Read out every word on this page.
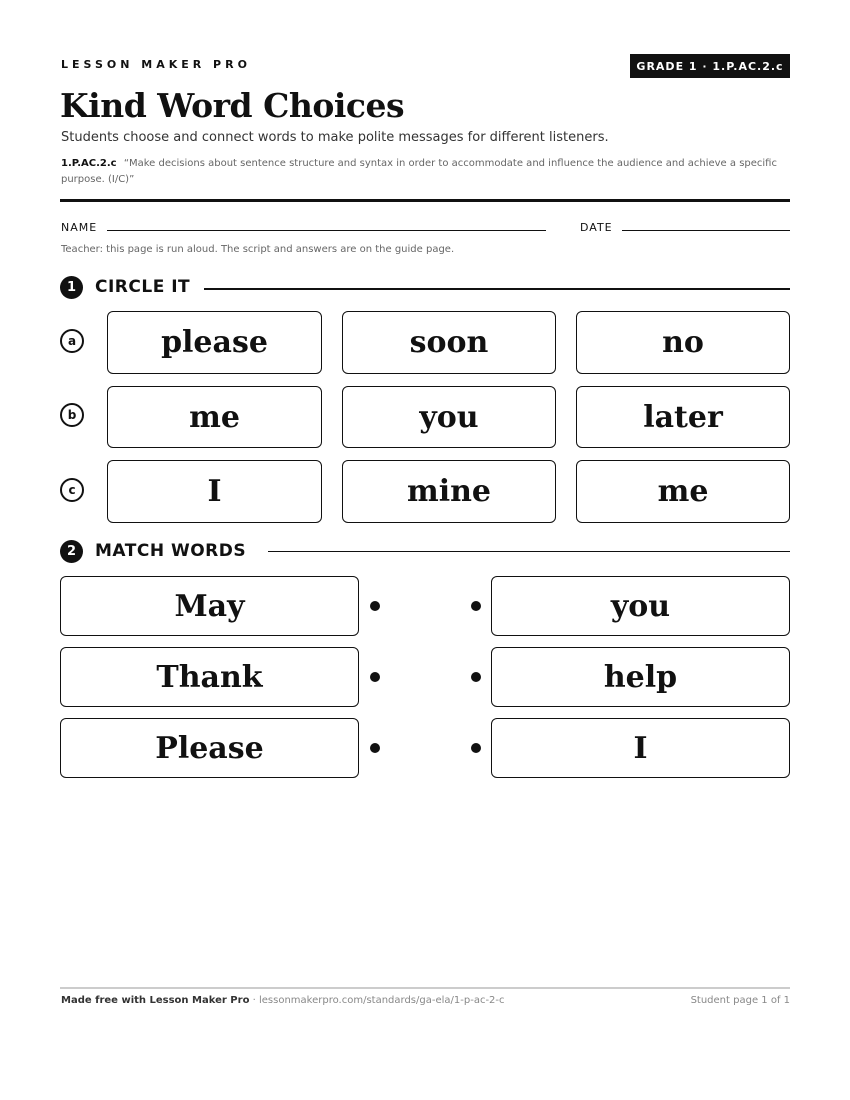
LESSON MAKER PRO	GRADE 1 · 1.P.AC.2.c
Kind Word Choices
Students choose and connect words to make polite messages for different listeners.
1.P.AC.2.c “Make decisions about sentence structure and syntax in order to accommodate and influence the audience and achieve a specific purpose. (I/C)”
NAME	DATE
Teacher: this page is run aloud. The script and answers are on the guide page.
1	CIRCLE IT
a	please	soon	no
b	me	you	later
c	I	mine	me
2	MATCH WORDS
May	you
Thank	help
Please	I
Made free with Lesson Maker Pro · lessonmakerpro.com/standards/ga-ela/1-p-ac-2-c	Student page 1 of 1
